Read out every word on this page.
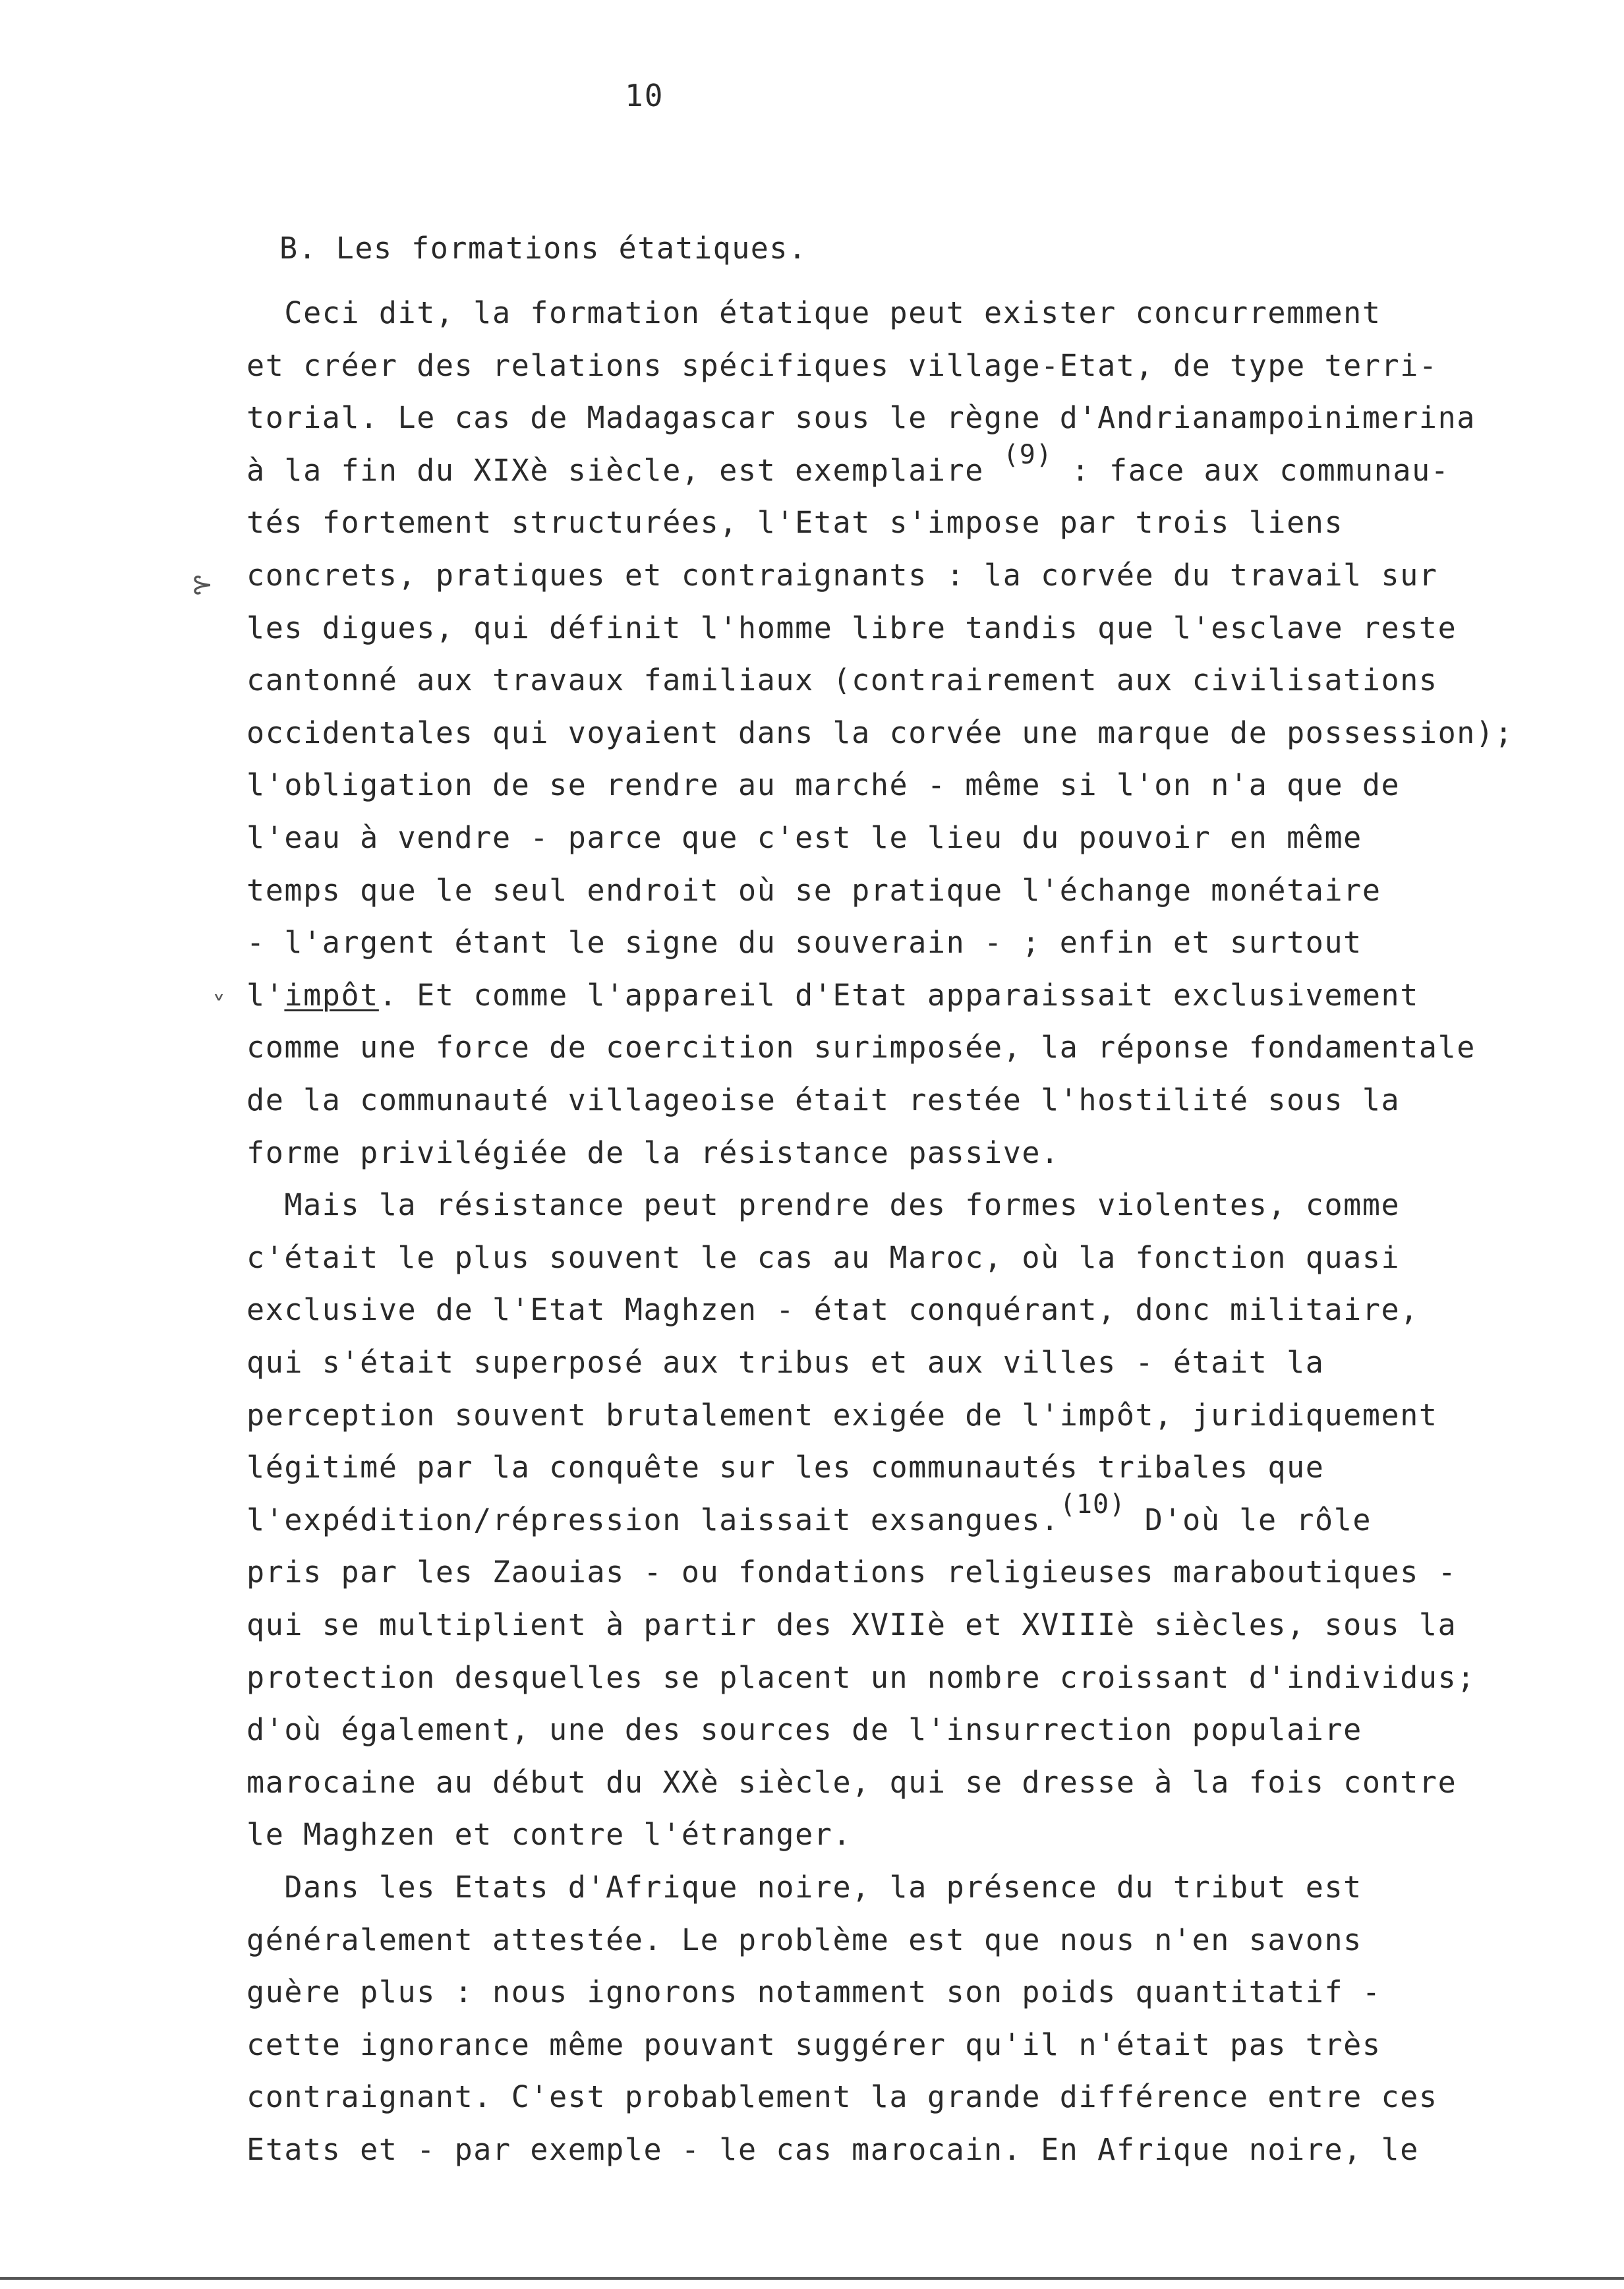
10
B. Les formations étatiques.
Ceci dit, la formation étatique peut exister concurremment
et créer des relations spécifiques village-Etat, de type terri-
torial. Le cas de Madagascar sous le règne d'Andrianampoinimerina
à la fin du XIXè siècle, est exemplaire (9) : face aux communau-
tés fortement structurées, l'Etat s'impose par trois liens
concrets, pratiques et contraignants : la corvée du travail sur
les digues, qui définit l'homme libre tandis que l'esclave reste
cantonné aux travaux familiaux (contrairement aux civilisations
occidentales qui voyaient dans la corvée une marque de possession);
l'obligation de se rendre au marché - même si l'on n'a que de
l'eau à vendre - parce que c'est le lieu du pouvoir en même
temps que le seul endroit où se pratique l'échange monétaire
- l'argent étant le signe du souverain - ; enfin et surtout
l'impôt. Et comme l'appareil d'Etat apparaissait exclusivement
comme une force de coercition surimposée, la réponse fondamentale
de la communauté villageoise était restée l'hostilité sous la
forme privilégiée de la résistance passive.
Mais la résistance peut prendre des formes violentes, comme
c'était le plus souvent le cas au Maroc, où la fonction quasi
exclusive de l'Etat Maghzen - état conquérant, donc militaire,
qui s'était superposé aux tribus et aux villes - était la
perception souvent brutalement exigée de l'impôt, juridiquement
légitimé par la conquête sur les communautés tribales que
l'expédition/répression laissait exsangues.(10) D'où le rôle
pris par les Zaouias - ou fondations religieuses maraboutiques -
qui se multiplient à partir des XVIIè et XVIIIè siècles, sous la
protection desquelles se placent un nombre croissant d'individus;
d'où également, une des sources de l'insurrection populaire
marocaine au début du XXè siècle, qui se dresse à la fois contre
le Maghzen et contre l'étranger.
Dans les Etats d'Afrique noire, la présence du tribut est
généralement attestée. Le problème est que nous n'en savons
guère plus : nous ignorons notamment son poids quantitatif -
cette ignorance même pouvant suggérer qu'il n'était pas très
contraignant. C'est probablement la grande différence entre ces
Etats et - par exemple - le cas marocain. En Afrique noire, le
⊱
˅
